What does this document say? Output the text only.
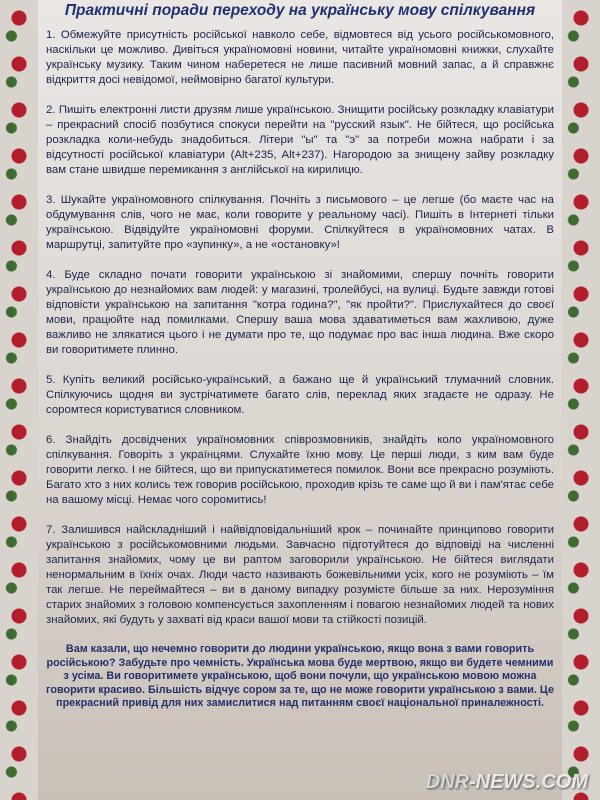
Практичні поради переходу на українську мову спілкування

1. Обмежуйте присутність російської навколо себе, відмовтеся від усього російськомовного, наскільки це можливо. Дивіться україномовні новини, читайте україномовні книжки, слухайте українську музику. Таким чином наберетеся не лише пасивний мовний запас, а й справжнє відкриття досі невідомої, неймовірно багатої культури.

2. Пишіть електронні листи друзям лише українською. Знищити російську розкладку клавіатури – прекрасний спосіб позбутися спокуси перейти на "русский язык". Не бійтеся, що російська розкладка коли-небудь знадобиться. Літери "ы" та "э" за потреби можна набрати і за відсутності російської клавіатури (Alt+235, Alt+237). Нагородою за знищену зайву розкладку вам стане швидше перемикання з англійської на кирилицю.

3. Шукайте україномовного спілкування. Почніть з письмового – це легше (бо маєте час на обдумування слів, чого не має, коли говорите у реальному часі). Пишіть в Інтернеті тільки українською. Відвідуйте україномовні форуми. Спілкуйтеся в україномовних чатах. В маршрутці, запитуйте про «зупинку», а не «остановку»!

4. Буде складно почати говорити українською зі знайомими, спершу почніть говорити українською до незнайомих вам людей: у магазині, тролейбусі, на вулиці. Будьте завжди готові відповісти українською на запитання "котра година?", "як пройти?". Прислухайтеся до своєї мови, працюйте над помилками. Спершу ваша мова здаватиметься вам жахливою, дуже важливо не злякатися цього і не думати про те, що подумає про вас інша людина. Вже скоро ви говоритимете плинно.

5. Купіть великий російсько-український, а бажано ще й український тлумачний словник. Спілкуючись щодня ви зустрічатимете багато слів, переклад яких згадаєте не одразу. Не соромтеся користуватися словником.

6. Знайдіть досвідчених україномовних співрозмовників, знайдіть коло україномовного спілкування. Говоріть з українцями. Слухайте їхню мову. Це перші люди, з ким вам буде говорити легко. І не бійтеся, що ви припускатиметеся помилок. Вони все прекрасно розуміють. Багато хто з них колись теж говорив російською, проходив крізь те саме що й ви і пам'ятає себе на вашому місці. Немає чого соромитись!

7. Залишився найскладніший і найвідповідальніший крок – починайте принципово говорити українською з російськомовними людьми. Завчасно підготуйтеся до відповіді на численні запитання знайомих, чому це ви раптом заговорили українською. Не бійтеся виглядати ненормальним в їхніх очах. Люди часто називають божевільними усіх, кого не розуміють – їм так легше. Не переймайтеся – ви в даному випадку розумієте більше за них. Нерозуміння старих знайомих з головою компенсується захопленням і повагою незнайомих людей та нових знайомих, які будуть у захваті від краси вашої мови та стійкості позицій.

Вам казали, що нечемно говорити до людини українською, якщо вона з вами говорить російською? Забудьте про чемність. Українська мова буде мертвою, якщо ви будете чемними з усіма. Ви говоритимете українською, щоб вони почули, що українською мовою можна говорити красиво. Більшість відчує сором за те, що не може говорити українською з вами. Це прекрасний привід для них замислитися над питанням своєї національної приналежності.
DNR-NEWS.COM
